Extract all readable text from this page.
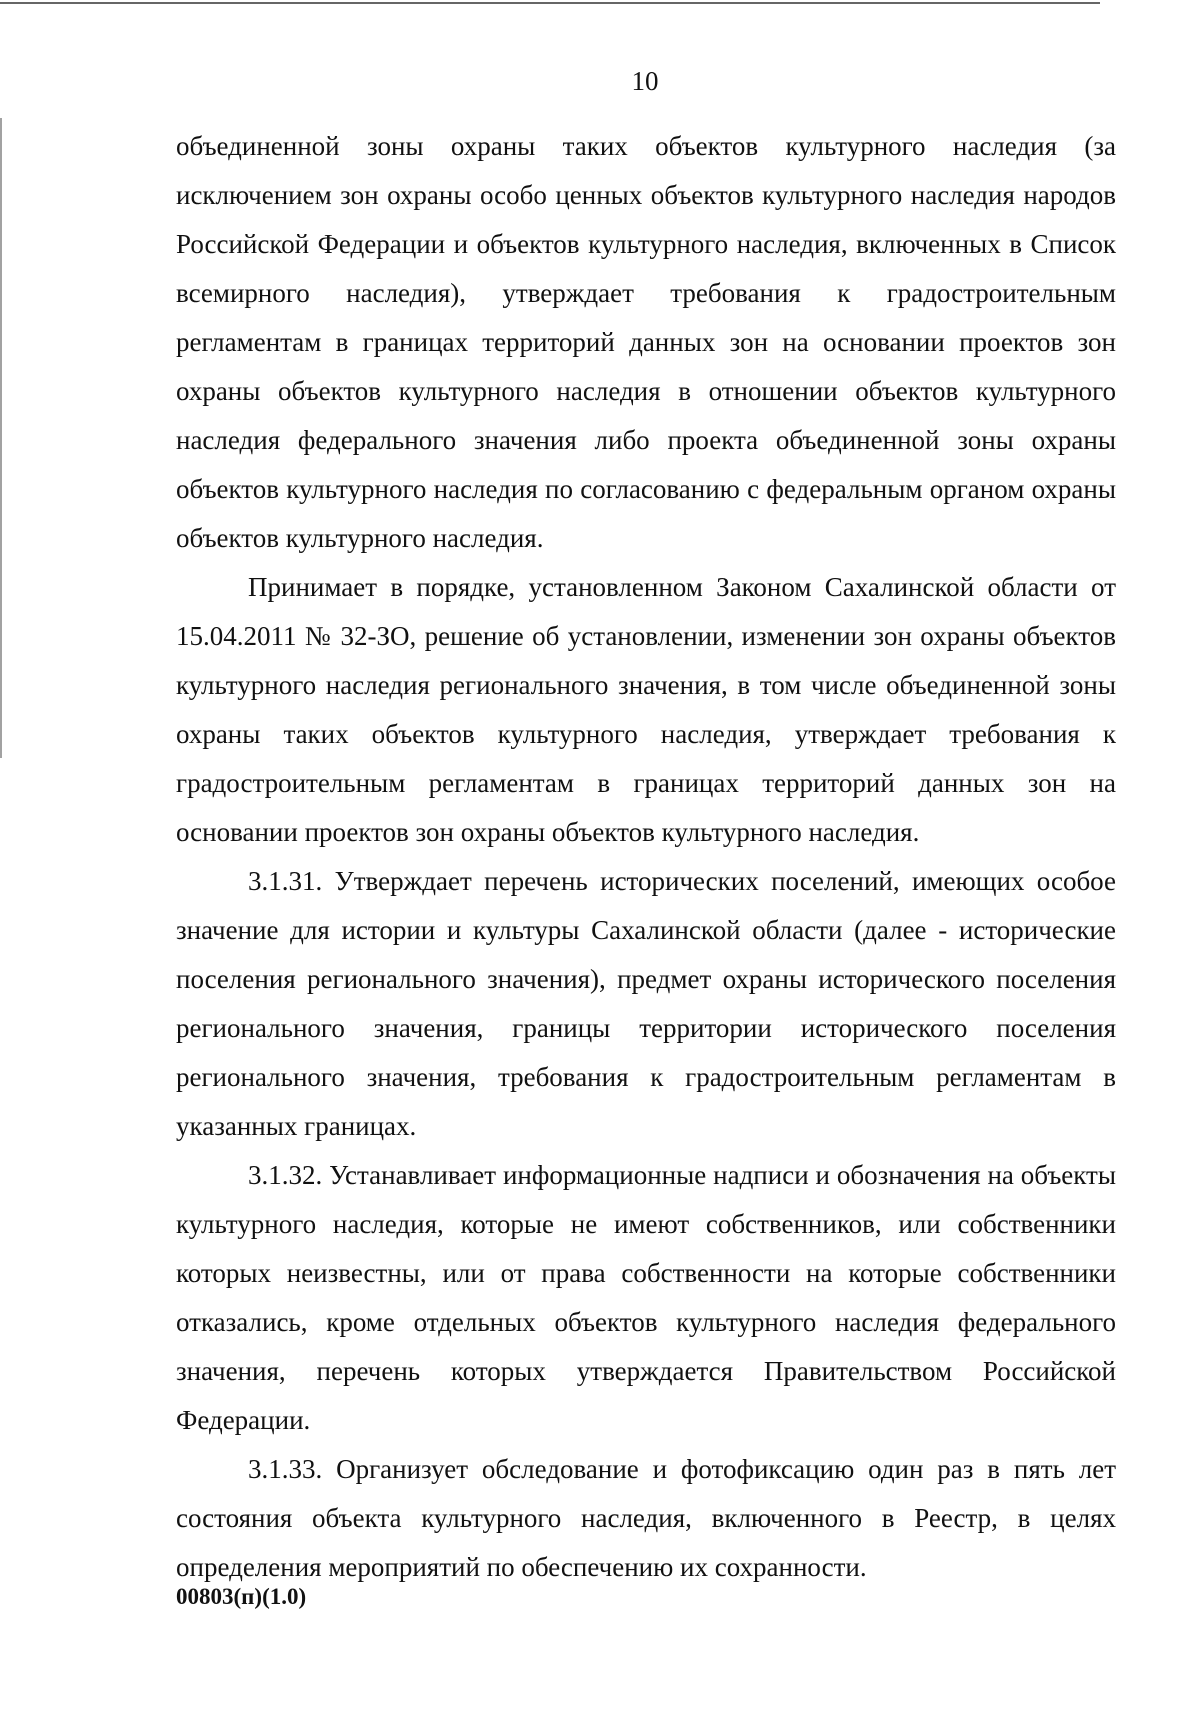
10

объединенной зоны охраны таких объектов культурного наследия (за исключением зон охраны особо ценных объектов культурного наследия народов Российской Федерации и объектов культурного наследия, включенных в Список всемирного наследия), утверждает требования к градостроительным регламентам в границах территорий данных зон на основании проектов зон охраны объектов культурного наследия в отношении объектов культурного наследия федерального значения либо проекта объединенной зоны охраны объектов культурного наследия по согласованию с федеральным органом охраны объектов культурного наследия.

Принимает в порядке, установленном Законом Сахалинской области от 15.04.2011 № 32-ЗО, решение об установлении, изменении зон охраны объектов культурного наследия регионального значения, в том числе объединенной зоны охраны таких объектов культурного наследия, утверждает требования к градостроительным регламентам в границах территорий данных зон на основании проектов зон охраны объектов культурного наследия.

3.1.31. Утверждает перечень исторических поселений, имеющих особое значение для истории и культуры Сахалинской области (далее - исторические поселения регионального значения), предмет охраны исторического поселения регионального значения, границы территории исторического поселения регионального значения, требования к градостроительным регламентам в указанных границах.

3.1.32. Устанавливает информационные надписи и обозначения на объекты культурного наследия, которые не имеют собственников, или собственники которых неизвестны, или от права собственности на которые собственники отказались, кроме отдельных объектов культурного наследия федерального значения, перечень которых утверждается Правительством Российской Федерации.

3.1.33. Организует обследование и фотофиксацию один раз в пять лет состояния объекта культурного наследия, включенного в Реестр, в целях определения мероприятий по обеспечению их сохранности.

00803(п)(1.0)
